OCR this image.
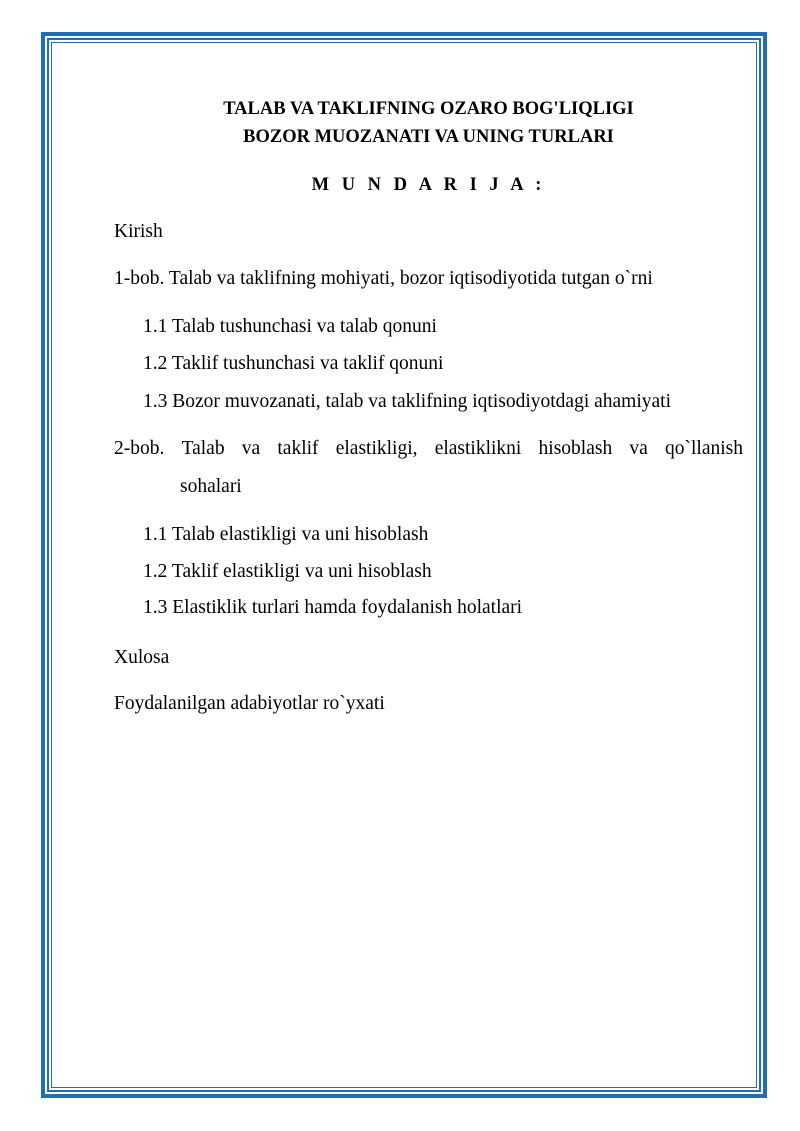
TALAB VA TAKLIFNING OZARO BOG'LIQLIGI
BOZOR MUOZANATI VA UNING TURLARI
M U N D A R I J A :
Kirish
1-bob. Talab va taklifning mohiyati, bozor iqtisodiyotida tutgan o`rni
1.1 Talab tushunchasi va talab qonuni
1.2 Taklif tushunchasi va taklif qonuni
1.3 Bozor muvozanati, talab va taklifning iqtisodiyotdagi ahamiyati
2-bob. Talab va taklif elastikligi, elastiklikni hisoblash va qo`llanish
sohalari
1.1 Talab elastikligi va uni hisoblash
1.2 Taklif elastikligi va uni hisoblash
1.3 Elastiklik turlari hamda foydalanish holatlari
Xulosa
Foydalanilgan adabiyotlar ro`yxati
